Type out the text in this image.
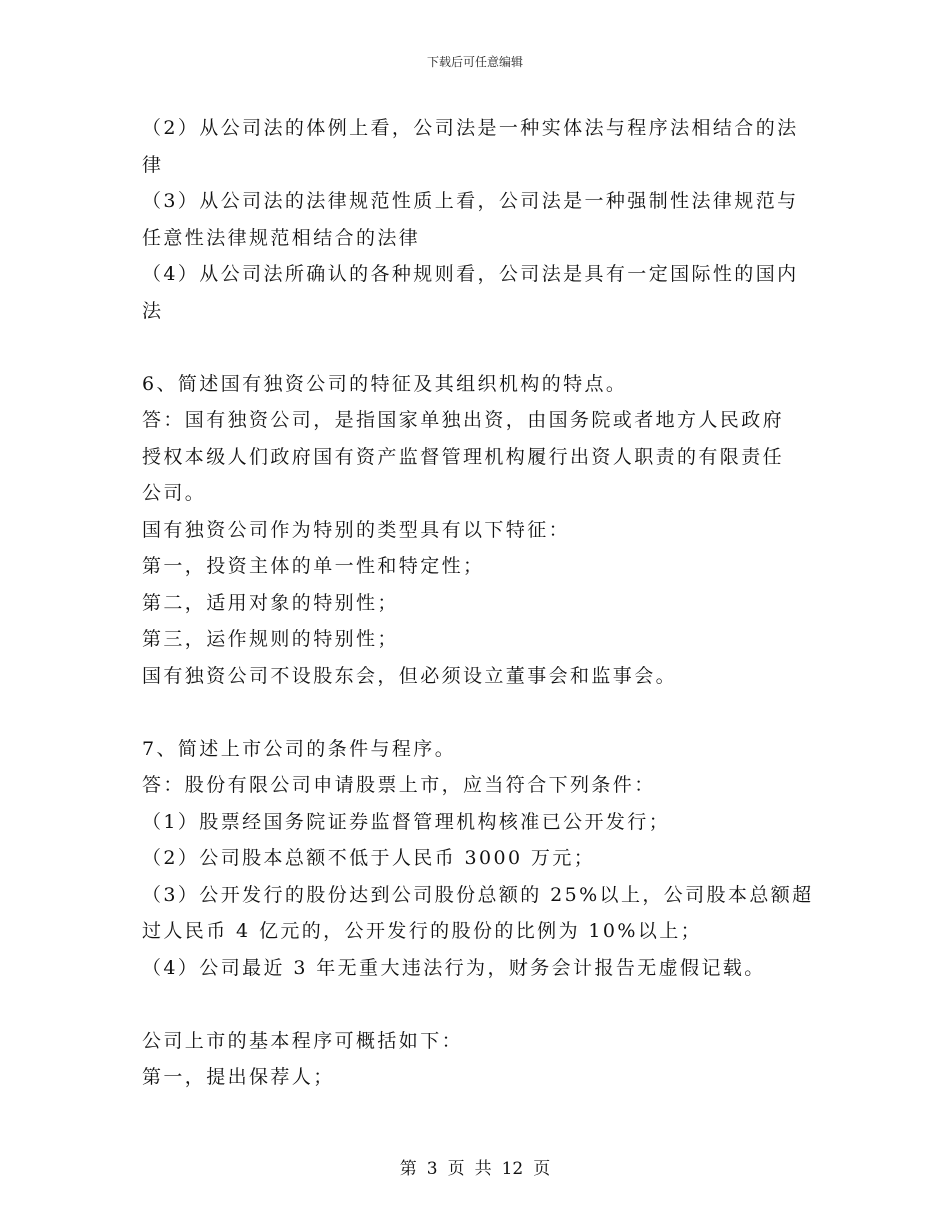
下载后可任意编辑
（2）从公司法的体例上看，公司法是一种实体法与程序法相结合的法
律
（3）从公司法的法律规范性质上看，公司法是一种强制性法律规范与
任意性法律规范相结合的法律
（4）从公司法所确认的各种规则看，公司法是具有一定国际性的国内
法
6、简述国有独资公司的特征及其组织机构的特点。
答：国有独资公司，是指国家单独出资，由国务院或者地方人民政府
授权本级人们政府国有资产监督管理机构履行出资人职责的有限责任
公司。
国有独资公司作为特别的类型具有以下特征：
第一，投资主体的单一性和特定性；
第二，适用对象的特别性；
第三，运作规则的特别性；
国有独资公司不设股东会，但必须设立董事会和监事会。
7、简述上市公司的条件与程序。
答：股份有限公司申请股票上市，应当符合下列条件：
（1）股票经国务院证券监督管理机构核准已公开发行；
（2）公司股本总额不低于人民币 3000 万元；
（3）公开发行的股份达到公司股份总额的 25%以上，公司股本总额超
过人民币 4 亿元的，公开发行的股份的比例为 10%以上；
（4）公司最近 3 年无重大违法行为，财务会计报告无虚假记载。
公司上市的基本程序可概括如下：
第一，提出保荐人；
第 3 页 共 12 页
